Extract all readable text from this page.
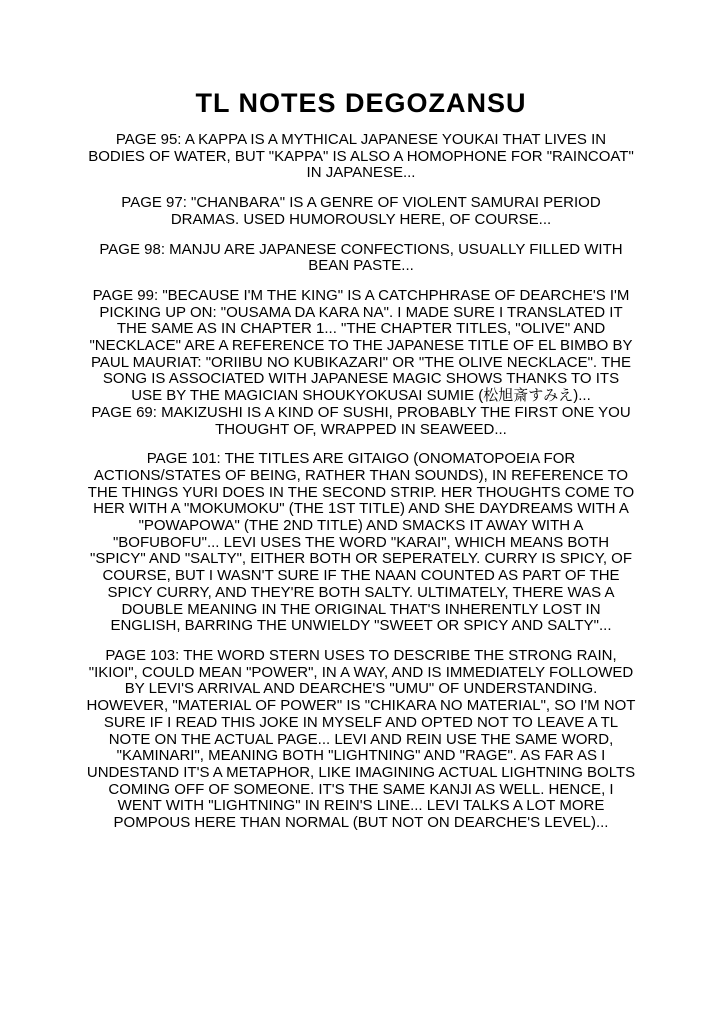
TL NOTES DEGOZANSU

PAGE 95: A KAPPA IS A MYTHICAL JAPANESE YOUKAI THAT LIVES IN BODIES OF WATER, BUT "KAPPA" IS ALSO A HOMOPHONE FOR "RAINCOAT" IN JAPANESE...

PAGE 97: "CHANBARA" IS A GENRE OF VIOLENT SAMURAI PERIOD DRAMAS. USED HUMOROUSLY HERE, OF COURSE...

PAGE 98: MANJU ARE JAPANESE CONFECTIONS, USUALLY FILLED WITH BEAN PASTE...

PAGE 99: "BECAUSE I'M THE KING" IS A CATCHPHRASE OF DEARCHE'S I'M PICKING UP ON: "OUSAMA DA KARA NA". I MADE SURE I TRANSLATED IT THE SAME AS IN CHAPTER 1... "THE CHAPTER TITLES, "OLIVE" AND "NECKLACE" ARE A REFERENCE TO THE JAPANESE TITLE OF EL BIMBO BY PAUL MAURIAT: "ORIIBU NO KUBIKAZARI" OR "THE OLIVE NECKLACE". THE SONG IS ASSOCIATED WITH JAPANESE MAGIC SHOWS THANKS TO ITS USE BY THE MAGICIAN SHOUKYOKUSAI SUMIE (松旭斎すみえ)...

PAGE 69: MAKIZUSHI IS A KIND OF SUSHI, PROBABLY THE FIRST ONE YOU THOUGHT OF, WRAPPED IN SEAWEED...

PAGE 101: THE TITLES ARE GITAIGO (ONOMATOPOEIA FOR ACTIONS/STATES OF BEING, RATHER THAN SOUNDS), IN REFERENCE TO THE THINGS YURI DOES IN THE SECOND STRIP. HER THOUGHTS COME TO HER WITH A "MOKUMOKU" (THE 1ST TITLE) AND SHE DAYDREAMS WITH A "POWAPOWA" (THE 2ND TITLE) AND SMACKS IT AWAY WITH A "BOFUBOFU"... LEVI USES THE WORD "KARAI", WHICH MEANS BOTH "SPICY" AND "SALTY", EITHER BOTH OR SEPERATELY. CURRY IS SPICY, OF COURSE, BUT I WASN'T SURE IF THE NAAN COUNTED AS PART OF THE SPICY CURRY, AND THEY'RE BOTH SALTY. ULTIMATELY, THERE WAS A DOUBLE MEANING IN THE ORIGINAL THAT'S INHERENTLY LOST IN ENGLISH, BARRING THE UNWIELDY "SWEET OR SPICY AND SALTY"...

PAGE 103: THE WORD STERN USES TO DESCRIBE THE STRONG RAIN, "IKIOI", COULD MEAN "POWER", IN A WAY, AND IS IMMEDIATELY FOLLOWED BY LEVI'S ARRIVAL AND DEARCHE'S "UMU" OF UNDERSTANDING. HOWEVER, "MATERIAL OF POWER" IS "CHIKARA NO MATERIAL", SO I'M NOT SURE IF I READ THIS JOKE IN MYSELF AND OPTED NOT TO LEAVE A TL NOTE ON THE ACTUAL PAGE... LEVI AND REIN USE THE SAME WORD, "KAMINARI", MEANING BOTH "LIGHTNING" AND "RAGE". AS FAR AS I UNDESTAND IT'S A METAPHOR, LIKE IMAGINING ACTUAL LIGHTNING BOLTS COMING OFF OF SOMEONE. IT'S THE SAME KANJI AS WELL. HENCE, I WENT WITH "LIGHTNING" IN REIN'S LINE... LEVI TALKS A LOT MORE POMPOUS HERE THAN NORMAL (BUT NOT ON DEARCHE'S LEVEL)...
